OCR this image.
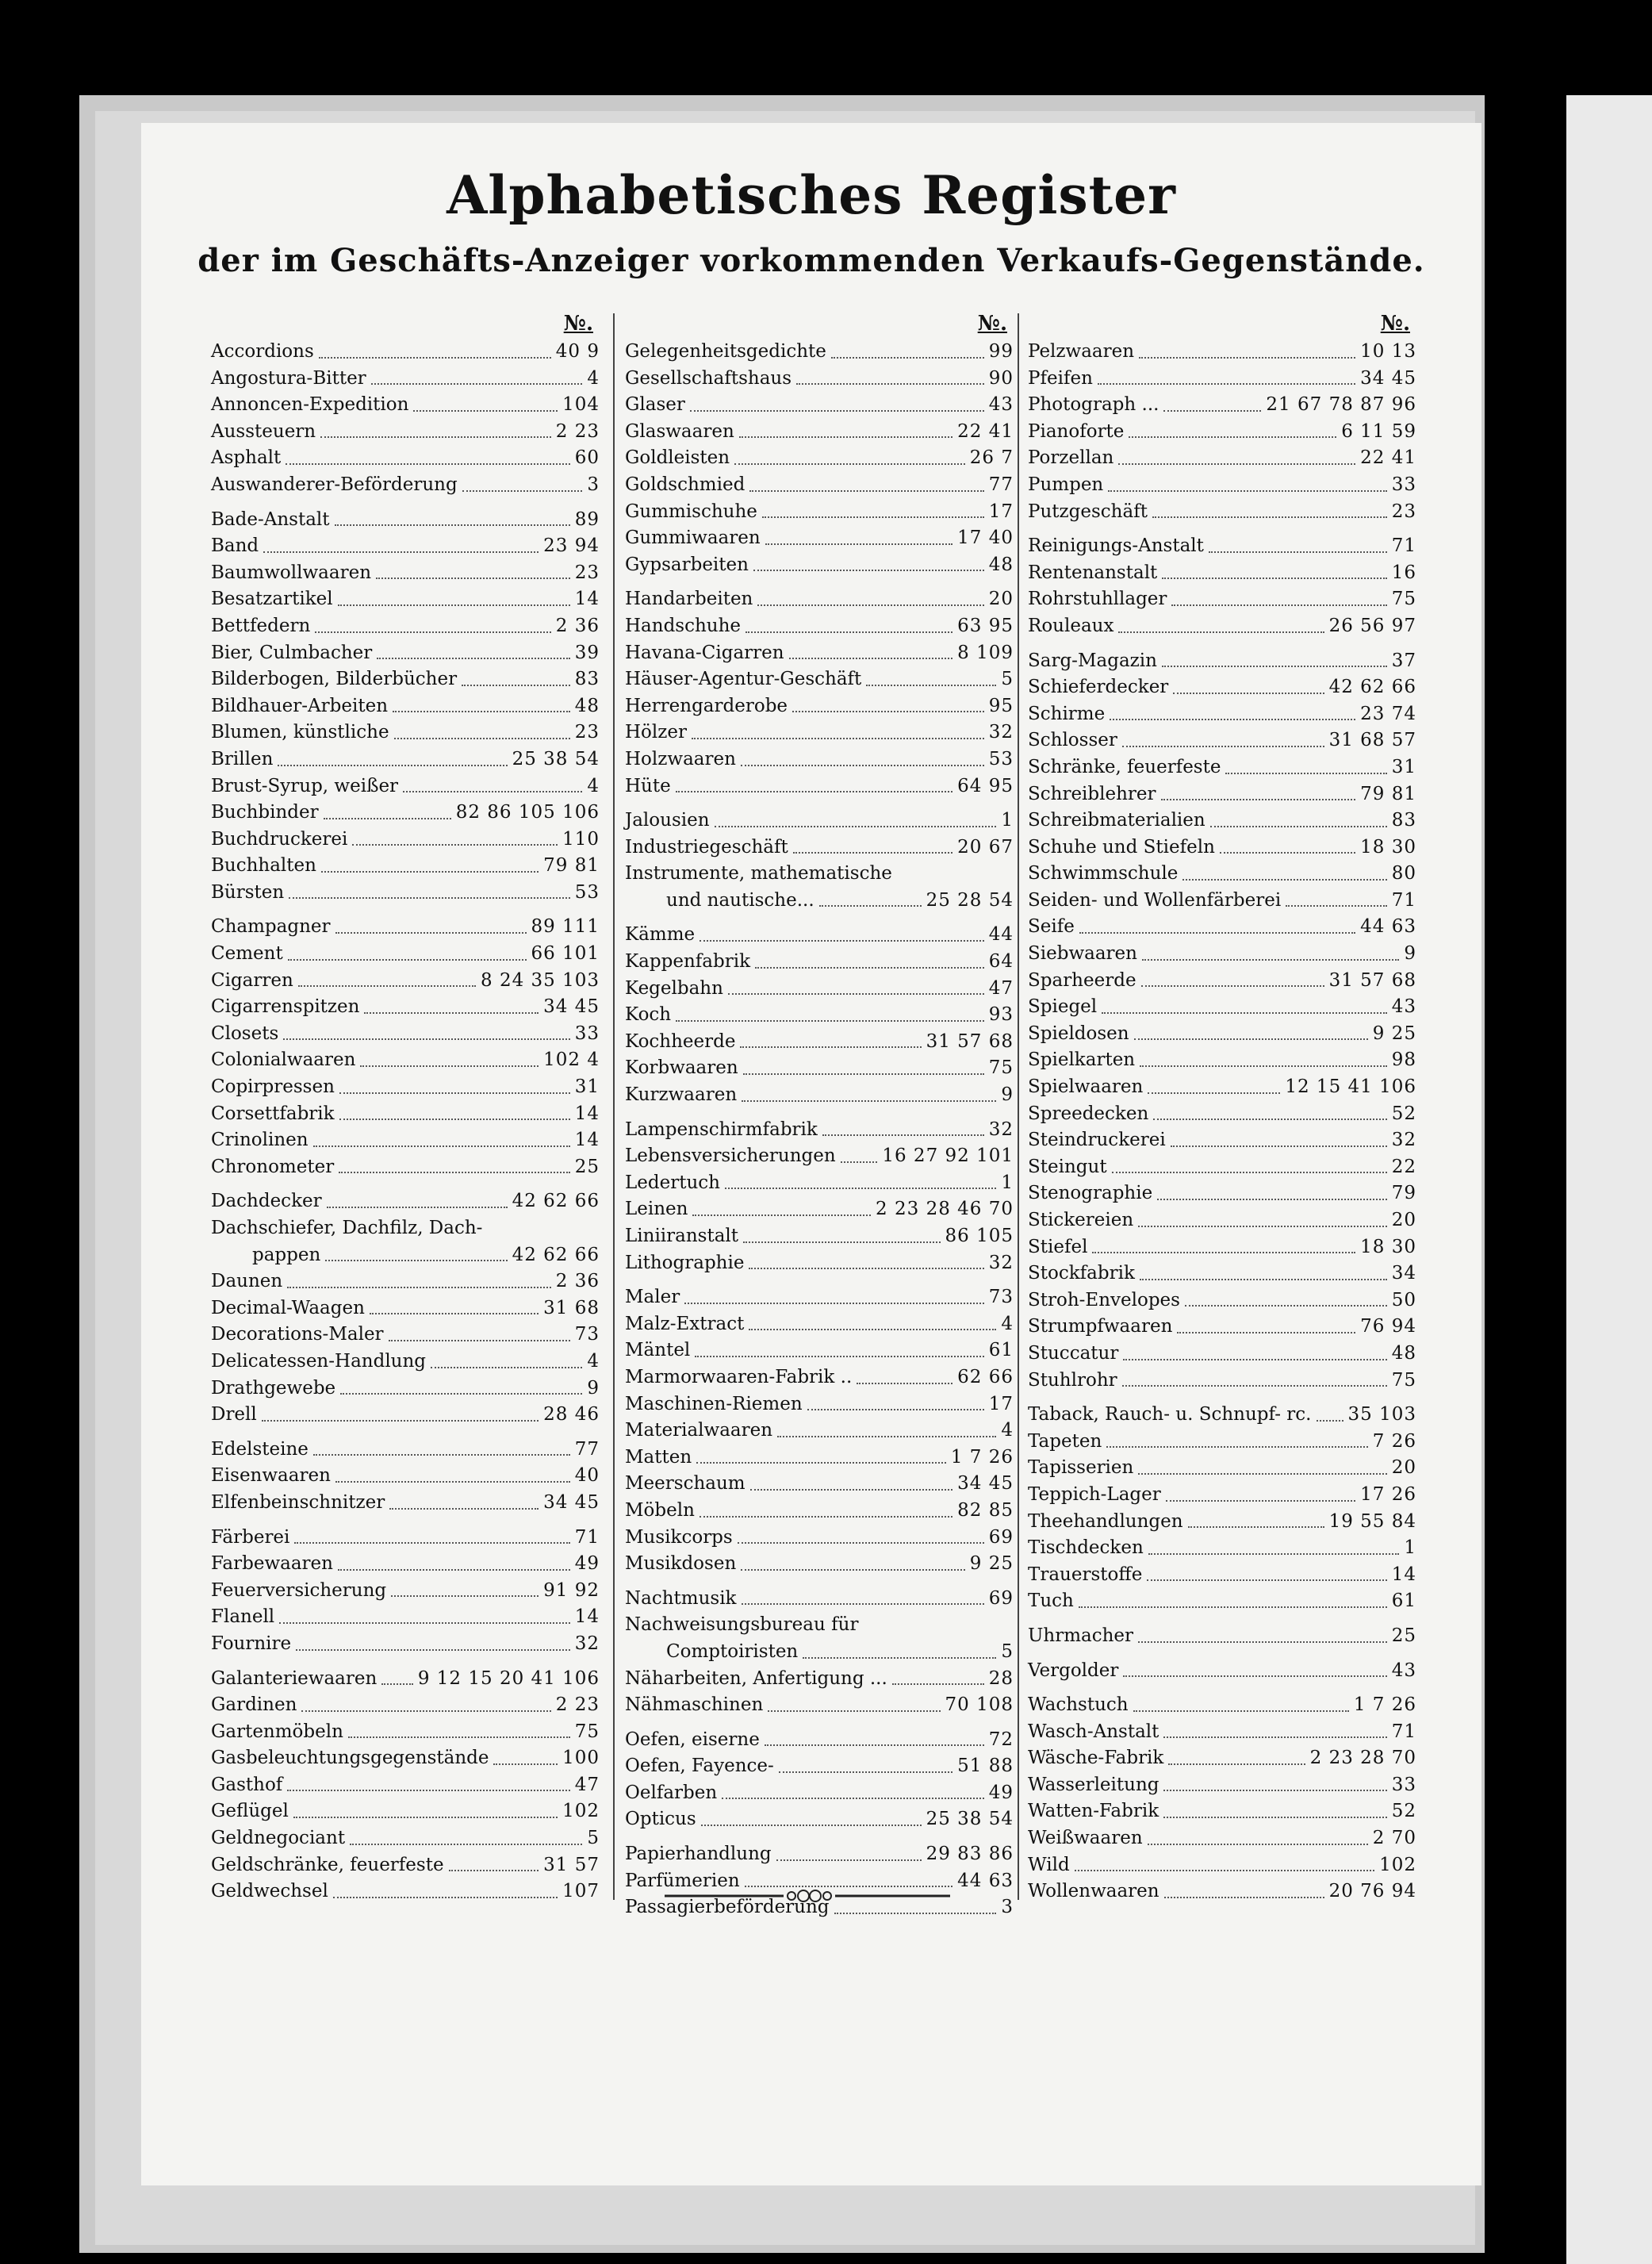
Alphabetisches Register
der im Geschäfts-Anzeiger vorkommenden Verkaufs-Gegenstände.
№.
Accordions	40 9
Angostura-Bitter	4
Annoncen-Expedition	104
Aussteuern	2 23
Asphalt	60
Auswanderer-Beförderung	3
Bade-Anstalt	89
Band	23 94
Baumwollwaaren	23
Besatzartikel	14
Bettfedern	2 36
Bier, Culmbacher	39
Bilderbogen, Bilderbücher	83
Bildhauer-Arbeiten	48
Blumen, künstliche	23
Brillen	25 38 54
Brust-Syrup, weißer	4
Buchbinder	82 86 105 106
Buchdruckerei	110
Buchhalten	79 81
Bürsten	53
Champagner	89 111
Cement	66 101
Cigarren	8 24 35 103
Cigarrenspitzen	34 45
Closets	33
Colonialwaaren	102 4
Copirpressen	31
Corsettfabrik	14
Crinolinen	14
Chronometer	25
Dachdecker	42 62 66
Dachschiefer, Dachfilz, Dach-
pappen	42 62 66
Daunen	2 36
Decimal-Waagen	31 68
Decorations-Maler	73
Delicatessen-Handlung	4
Drathgewebe	9
Drell	28 46
Edelsteine	77
Eisenwaaren	40
Elfenbeinschnitzer	34 45
Färberei	71
Farbewaaren	49
Feuerversicherung	91 92
Flanell	14
Fournire	32
Galanteriewaaren 9 12 15 20 41 106
Gardinen	2 23
Gartenmöbeln	75
Gasbeleuchtungsgegenstände	100
Gasthof	47
Geflügel	102
Geldnegociant	5
Geldschränke, feuerfeste	31 57
Geldwechsel	107
№.
Gelegenheitsgedichte	99
Gesellschaftshaus	90
Glaser	43
Glaswaaren	22 41
Goldleisten	26 7
Goldschmied	77
Gummischuhe	17
Gummiwaaren	17 40
Gypsarbeiten	48
Handarbeiten	20
Handschuhe	63 95
Havana-Cigarren	8 109
Häuser-Agentur-Geschäft	5
Herrengarderobe	95
Hölzer	32
Holzwaaren	53
Hüte	64 95
Jalousien	1
Industriegeschäft	20 67
Instrumente, mathematische
und nautische...	25 28 54
Kämme	44
Kappenfabrik	64
Kegelbahn	47
Koch	93
Kochheerde	31 57 68
Korbwaaren	75
Kurzwaaren	9
Lampenschirmfabrik	32
Lebensversicherungen	16 27 92 101
Ledertuch	1
Leinen	2 23 28 46 70
Liniiranstalt	86 105
Lithographie	32
Maler	73
Malz-Extract	4
Mäntel	61
Marmorwaaren-Fabrik ..	62 66
Maschinen-Riemen	17
Materialwaaren	4
Matten	1 7 26
Meerschaum	34 45
Möbeln	82 85
Musikcorps	69
Musikdosen	9 25
Nachtmusik	69
Nachweisungsbureau für
Comptoiristen	5
Näharbeiten, Anfertigung ...	28
Nähmaschinen	70 108
Oefen, eiserne	72
Oefen, Fayence-	51 88
Oelfarben	49
Opticus	25 38 54
Papierhandlung	29 83 86
Parfümerien	44 63
Passagierbeförderung	3
№.
Pelzwaaren	10 13
Pfeifen	34 45
Photograph ...	21 67 78 87 96
Pianoforte	6 11 59
Porzellan	22 41
Pumpen	33
Putzgeschäft	23
Reinigungs-Anstalt	71
Rentenanstalt	16
Rohrstuhllager	75
Rouleaux	26 56 97
Sarg-Magazin	37
Schieferdecker	42 62 66
Schirme	23 74
Schlosser	31 68 57
Schränke, feuerfeste	31
Schreiblehrer	79 81
Schreibmaterialien	83
Schuhe und Stiefeln	18 30
Schwimmschule	80
Seiden- und Wollenfärberei	71
Seife	44 63
Siebwaaren	9
Sparheerde	31 57 68
Spiegel	43
Spieldosen	9 25
Spielkarten	98
Spielwaaren	12 15 41 106
Spreedecken	52
Steindruckerei	32
Steingut	22
Stenographie	79
Stickereien	20
Stiefel	18 30
Stockfabrik	34
Stroh-Envelopes	50
Strumpfwaaren	76 94
Stuccatur	48
Stuhlrohr	75
Taback, Rauch- u. Schnupf- rc. 35 103
Tapeten	7 26
Tapisserien	20
Teppich-Lager	17 26
Theehandlungen	19 55 84
Tischdecken	1
Trauerstoffe	14
Tuch	61
Uhrmacher	25
Vergolder	43
Wachstuch	1 7 26
Wasch-Anstalt	71
Wäsche-Fabrik	2 23 28 70
Wasserleitung	33
Watten-Fabrik	52
Weißwaaren	2 70
Wild	102
Wollenwaaren	20 76 94
